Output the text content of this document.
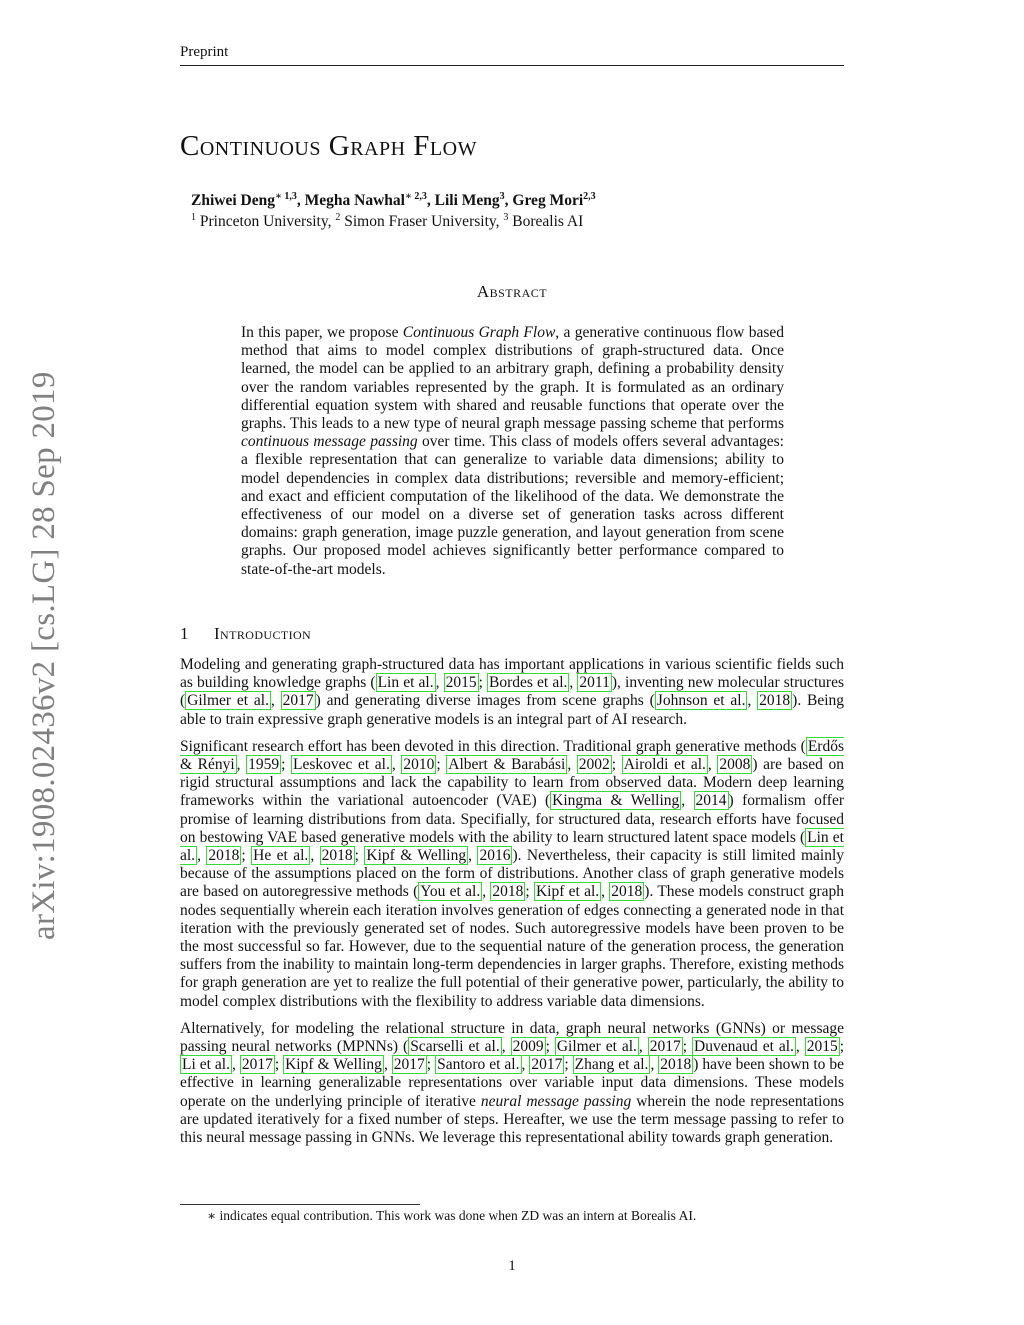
Preprint
arXiv:1908.02436v2 [cs.LG] 28 Sep 2019
Continuous Graph Flow
Zhiwei Deng$^{∗ 1,3}$, Megha Nawhal$^{∗ 2,3}$, Lili Meng$^3$, Greg Mori$^{2,3}$
$^1$ Princeton University, $^2$ Simon Fraser University, $^3$ Borealis AI
Abstract
In this paper, we propose Continuous Graph Flow, a generative continuous flow based method that aims to model complex distributions of graph-structured data. Once learned, the model can be applied to an arbitrary graph, defining a probability density over the random variables represented by the graph. It is formulated as an ordinary differential equation system with shared and reusable functions that operate over the graphs. This leads to a new type of neural graph message passing scheme that performs continuous message passing over time. This class of models offers several advantages: a flexible representation that can generalize to variable data dimensions; ability to model dependencies in complex data distributions; reversible and memory-efficient; and exact and efficient computation of the likelihood of the data. We demonstrate the effectiveness of our model on a diverse set of generation tasks across different domains: graph generation, image puzzle generation, and layout generation from scene graphs. Our proposed model achieves significantly better performance compared to state-of-the-art models.
1 Introduction

Modeling and generating graph-structured data has important applications in various scientific fields such as building knowledge graphs ( Lin et al. , 2015 ; Bordes et al. , 2011 ), inventing new molecular structures ( Gilmer et al. , 2017 ) and generating diverse images from scene graphs ( Johnson et al. , 2018 ). Being able to train expressive graph generative models is an integral part of AI research.

Significant research effort has been devoted in this direction. Traditional graph generative methods ( Erdős & Rényi , 1959 ; Leskovec et al. , 2010 ; Albert & Barabási , 2002 ; Airoldi et al. , 2008 ) are based on rigid structural assumptions and lack the capability to learn from observed data. Modern deep learning frameworks within the variational autoencoder (VAE) ( Kingma & Welling , 2014 ) formalism offer promise of learning distributions from data. Specifially, for structured data, research efforts have focused on bestowing VAE based generative models with the ability to learn structured latent space models ( Lin et al. , 2018 ; He et al. , 2018 ; Kipf & Welling , 2016 ). Nevertheless, their capacity is still limited mainly because of the assumptions placed on the form of distributions. Another class of graph generative models are based on autoregressive methods ( You et al. , 2018 ; Kipf et al. , 2018 ). These models construct graph nodes sequentially wherein each iteration involves generation of edges connecting a generated node in that iteration with the previously generated set of nodes. Such autoregressive models have been proven to be the most successful so far. However, due to the sequential nature of the generation process, the generation suffers from the inability to maintain long-term dependencies in larger graphs. Therefore, existing methods for graph generation are yet to realize the full potential of their generative power, particularly, the ability to model complex distributions with the flexibility to address variable data dimensions.

Alternatively, for modeling the relational structure in data, graph neural networks (GNNs) or message passing neural networks (MPNNs) ( Scarselli et al. , 2009 ; Gilmer et al. , 2017 ; Duvenaud et al. , 2015 ; Li et al. , 2017 ; Kipf & Welling , 2017 ; Santoro et al. , 2017 ; Zhang et al. , 2018 ) have been shown to be effective in learning generalizable representations over variable input data dimensions. These models operate on the underlying principle of iterative neural message passing wherein the node representations are updated iteratively for a fixed number of steps. Hereafter, we use the term message passing to refer to this neural message passing in GNNs. We leverage this representational ability towards graph generation.

∗ indicates equal contribution. This work was done when ZD was an intern at Borealis AI.
1
